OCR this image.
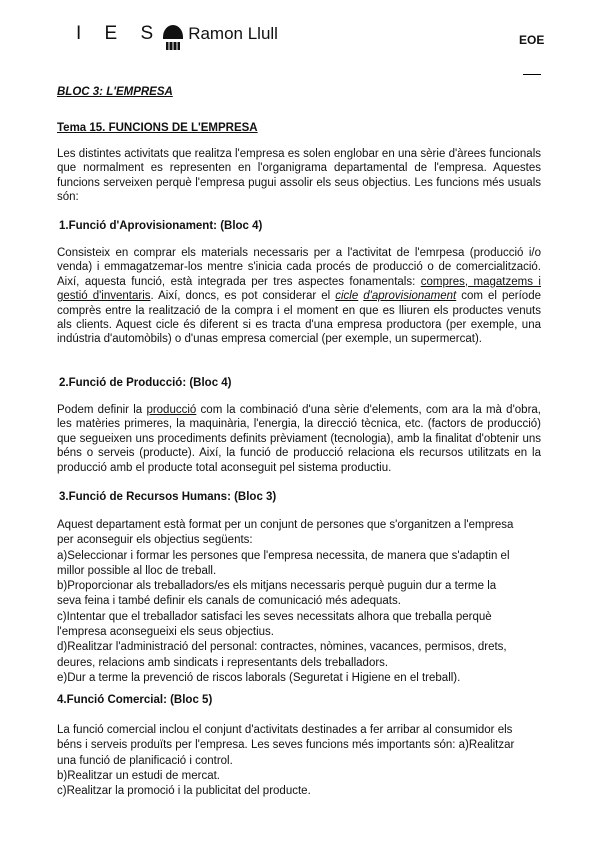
I E S Ramon Llull	EOE
BLOC 3: L'EMPRESA
Tema 15. FUNCIONS DE L'EMPRESA
Les distintes activitats que realitza l'empresa es solen englobar en una sèrie d'àrees funcionals que normalment es representen en l'organigrama departamental de l'empresa. Aquestes funcions serveixen perquè l'empresa pugui assolir els seus objectius. Les funcions més usuals són:
1.Funció d'Aprovisionament: (Bloc 4)
Consisteix en comprar els materials necessaris per a l'activitat de l'emrpesa (producció i/o venda) i emmagatzemar-los mentre s'inicia cada procés de producció o de comercialització. Així, aquesta funció, està integrada per tres aspectes fonamentals: compres, magatzems i gestió d'inventaris. Així, doncs, es pot considerar el cicle d'aprovisionament com el període comprès entre la realització de la compra i el moment en que es lliuren els productes venuts als clients. Aquest cicle és diferent si es tracta d'una empresa productora (per exemple, una indústria d'automòbils) o d'unas empresa comercial (per exemple, un supermercat).
2.Funció de Producció: (Bloc 4)
Podem definir la producció com la combinació d'una sèrie d'elements, com ara la mà d'obra, les matèries primeres, la maquinària, l'energia, la direcció tècnica, etc. (factors de producció) que segueixen uns procediments definits prèviament (tecnologia), amb la finalitat d'obtenir uns béns o serveis (producte). Així, la funció de producció relaciona els recursos utilitzats en la producció amb el producte total aconseguit pel sistema productiu.
3.Funció de Recursos Humans: (Bloc 3)
Aquest departament està format per un conjunt de persones que s'organitzen a l'empresa
per aconseguir els objectius següents:
a)Seleccionar i formar les persones que l'empresa necessita, de manera que s'adaptin el
millor possible al lloc de treball.
b)Proporcionar als treballadors/es els mitjans necessaris perquè puguin dur a terme la
seva feina i també definir els canals de comunicació més adequats.
c)Intentar que el treballador satisfaci les seves necessitats alhora que treballa perquè
l'empresa aconsegueixi els seus objectius.
d)Realitzar l'administració del personal: contractes, nòmines, vacances, permisos, drets,
deures, relacions amb sindicats i representants dels treballadors.
e)Dur a terme la prevenció de riscos laborals (Seguretat i Higiene en el treball).
4.Funció Comercial: (Bloc 5)
La funció comercial inclou el conjunt d'activitats destinades a fer arribar al consumidor els
béns i serveis produïts per l'empresa. Les seves funcions més importants són: a)Realitzar
una funció de planificació i control.
b)Realitzar un estudi de mercat.
c)Realitzar la promoció i la publicitat del producte.
